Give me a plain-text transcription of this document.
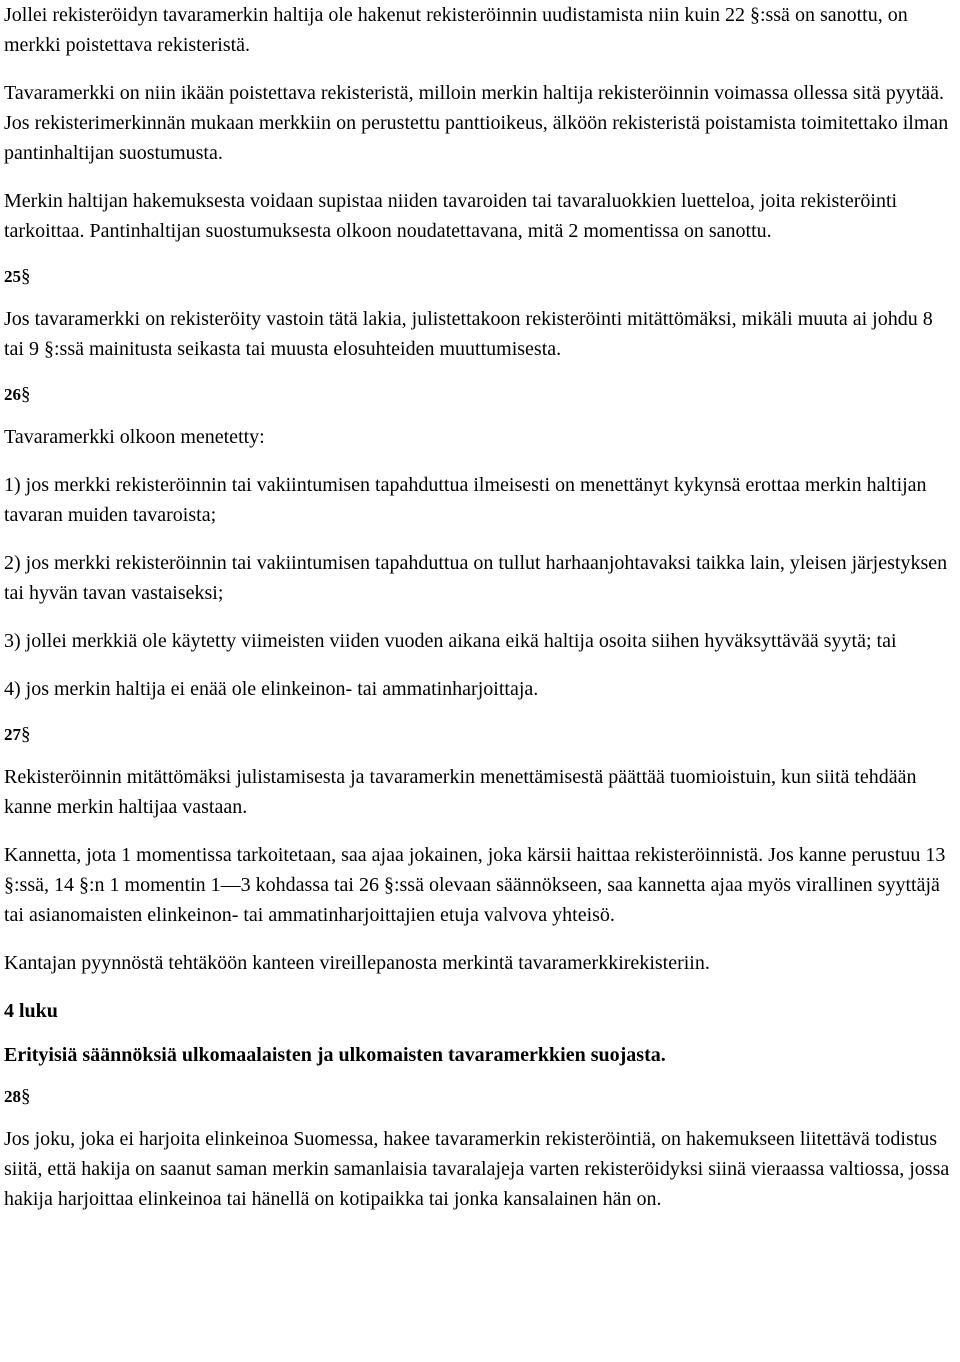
Jollei rekisteröidyn tavaramerkin haltija ole hakenut rekisteröinnin uudistamista niin kuin 22 §:ssä on sanottu, on merkki poistettava rekisteristä.

Tavaramerkki on niin ikään poistettava rekisteristä, milloin merkin haltija rekisteröinnin voimassa ollessa sitä pyytää. Jos rekisterimerkinnän mukaan merkkiin on perustettu panttioikeus, älköön rekisteristä poistamista toimitettako ilman pantinhaltijan suostumusta.

Merkin haltijan hakemuksesta voidaan supistaa niiden tavaroiden tai tavaraluokkien luetteloa, joita rekisteröinti tarkoittaa. Pantinhaltijan suostumuksesta olkoon noudatettavana, mitä 2 momentissa on sanottu.

25§

Jos tavaramerkki on rekisteröity vastoin tätä lakia, julistettakoon rekisteröinti mitättömäksi, mikäli muuta ai johdu 8 tai 9 §:ssä mainitusta seikasta tai muusta elosuhteiden muuttumisesta.

26§

Tavaramerkki olkoon menetetty:

1) jos merkki rekisteröinnin tai vakiintumisen tapahduttua ilmeisesti on menettänyt kykynsä erottaa merkin haltijan tavaran muiden tavaroista;

2) jos merkki rekisteröinnin tai vakiintumisen tapahduttua on tullut harhaanjohtavaksi taikka lain, yleisen järjestyksen tai hyvän tavan vastaiseksi;

3) jollei merkkiä ole käytetty viimeisten viiden vuoden aikana eikä haltija osoita siihen hyväksyttävää syytä; tai

4) jos merkin haltija ei enää ole elinkeinon- tai ammatinharjoittaja.

27§

Rekisteröinnin mitättömäksi julistamisesta ja tavaramerkin menettämisestä päättää tuomioistuin, kun siitä tehdään kanne merkin haltijaa vastaan.

Kannetta, jota 1 momentissa tarkoitetaan, saa ajaa jokainen, joka kärsii haittaa rekisteröinnistä. Jos kanne perustuu 13 §:ssä, 14 §:n 1 momentin 1—3 kohdassa tai 26 §:ssä olevaan säännökseen, saa kannetta ajaa myös virallinen syyttäjä tai asianomaisten elinkeinon- tai ammatinharjoittajien etuja valvova yhteisö.

Kantajan pyynnöstä tehtäköön kanteen vireillepanosta merkintä tavaramerkkirekisteriin.

4 luku

Erityisiä säännöksiä ulkomaalaisten ja ulkomaisten tavaramerkkien suojasta.

28§

Jos joku, joka ei harjoita elinkeinoa Suomessa, hakee tavaramerkin rekisteröintiä, on hakemukseen liitettävä todistus siitä, että hakija on saanut saman merkin samanlaisia tavaralajeja varten rekisteröidyksi siinä vieraassa valtiossa, jossa hakija harjoittaa elinkeinoa tai hänellä on kotipaikka tai jonka kansalainen hän on.
